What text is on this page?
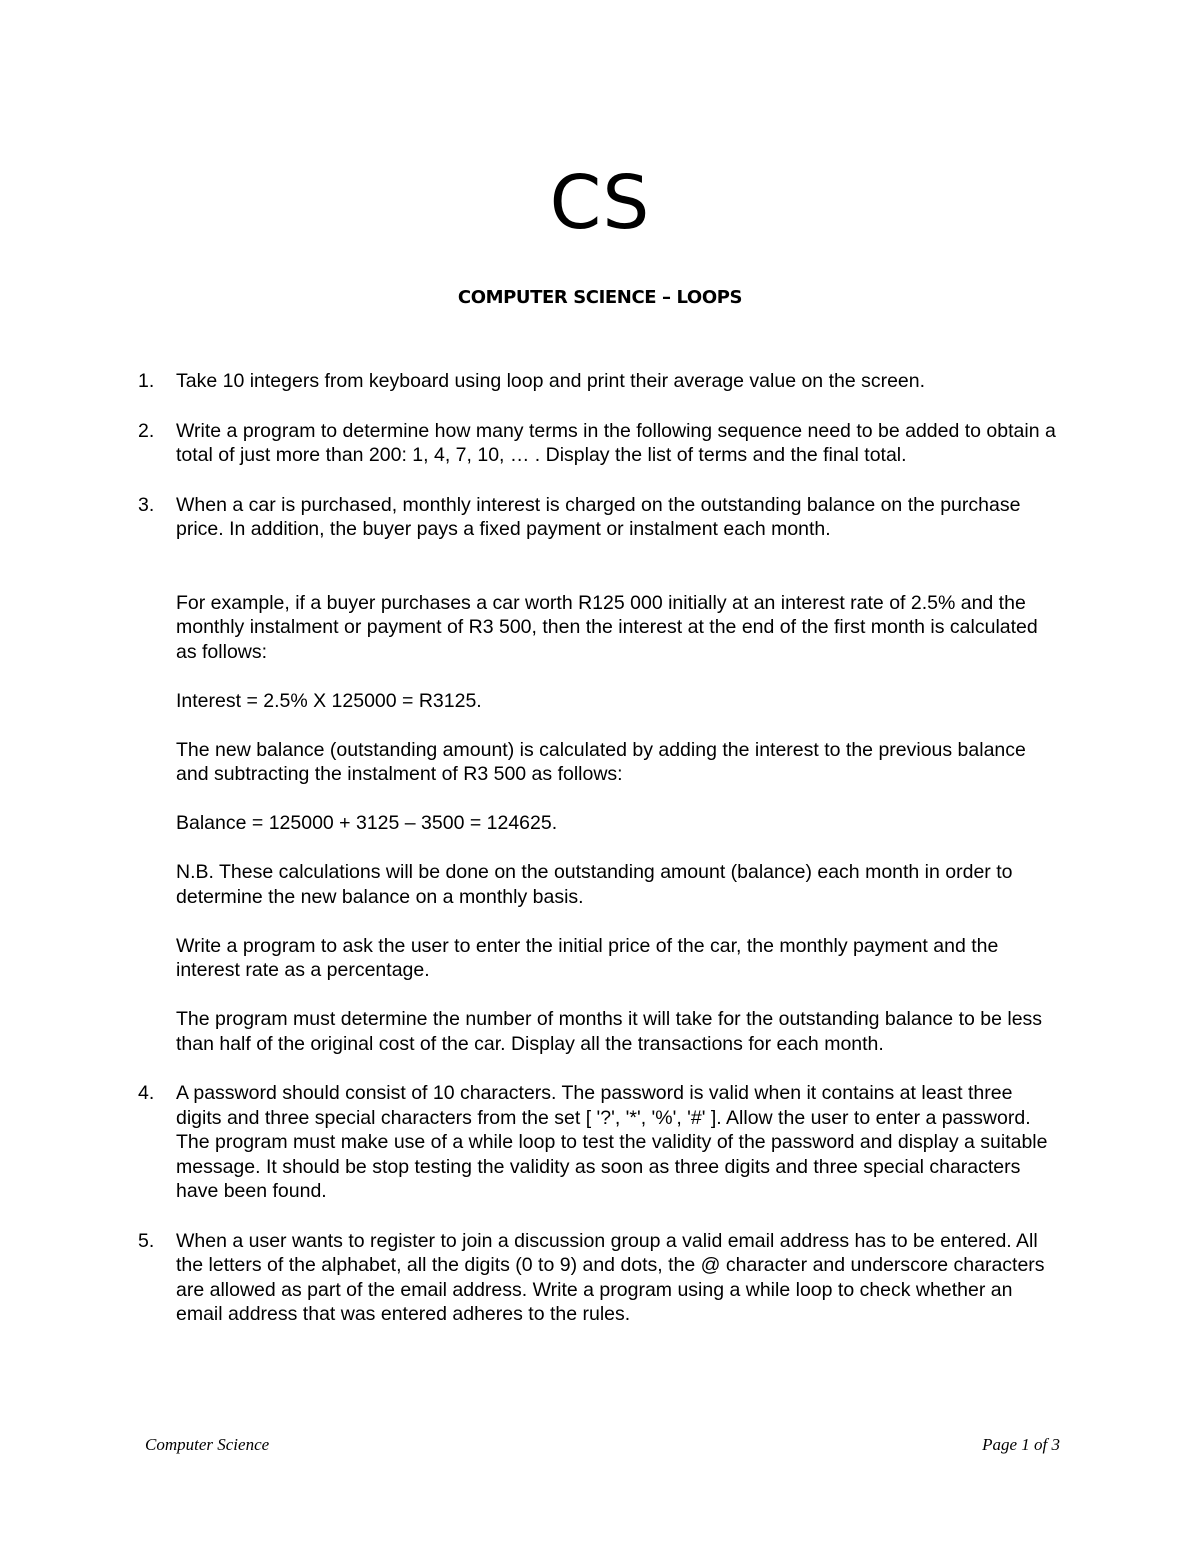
CS
COMPUTER SCIENCE – LOOPS
1.	Take 10 integers from keyboard using loop and print their average value on the screen.

2.	Write a program to determine how many terms in the following sequence need to be added to obtain a total of just more than 200: 1, 4, 7, 10, … . Display the list of terms and the final total.

3.	When a car is purchased, monthly interest is charged on the outstanding balance on the purchase price. In addition, the buyer pays a fixed payment or instalment each month.

For example, if a buyer purchases a car worth R125 000 initially at an interest rate of 2.5% and the monthly instalment or payment of R3 500, then the interest at the end of the first month is calculated as follows:

Interest = 2.5% X 125000 = R3125.

The new balance (outstanding amount) is calculated by adding the interest to the previous balance and subtracting the instalment of R3 500 as follows:

Balance = 125000 + 3125 – 3500 = 124625.

N.B. These calculations will be done on the outstanding amount (balance) each month in order to determine the new balance on a monthly basis.

Write a program to ask the user to enter the initial price of the car, the monthly payment and the interest rate as a percentage.

The program must determine the number of months it will take for the outstanding balance to be less than half of the original cost of the car. Display all the transactions for each month.

4.	A password should consist of 10 characters. The password is valid when it contains at least three digits and three special characters from the set [ '?', '*', '%', '#' ]. Allow the user to enter a password. The program must make use of a while loop to test the validity of the password and display a suitable message. It should be stop testing the validity as soon as three digits and three special characters have been found.

5.	When a user wants to register to join a discussion group a valid email address has to be entered. All the letters of the alphabet, all the digits (0 to 9) and dots, the @ character and underscore characters are allowed as part of the email address. Write a program using a while loop to check whether an email address that was entered adheres to the rules.

Computer Science	Page 1 of 3
